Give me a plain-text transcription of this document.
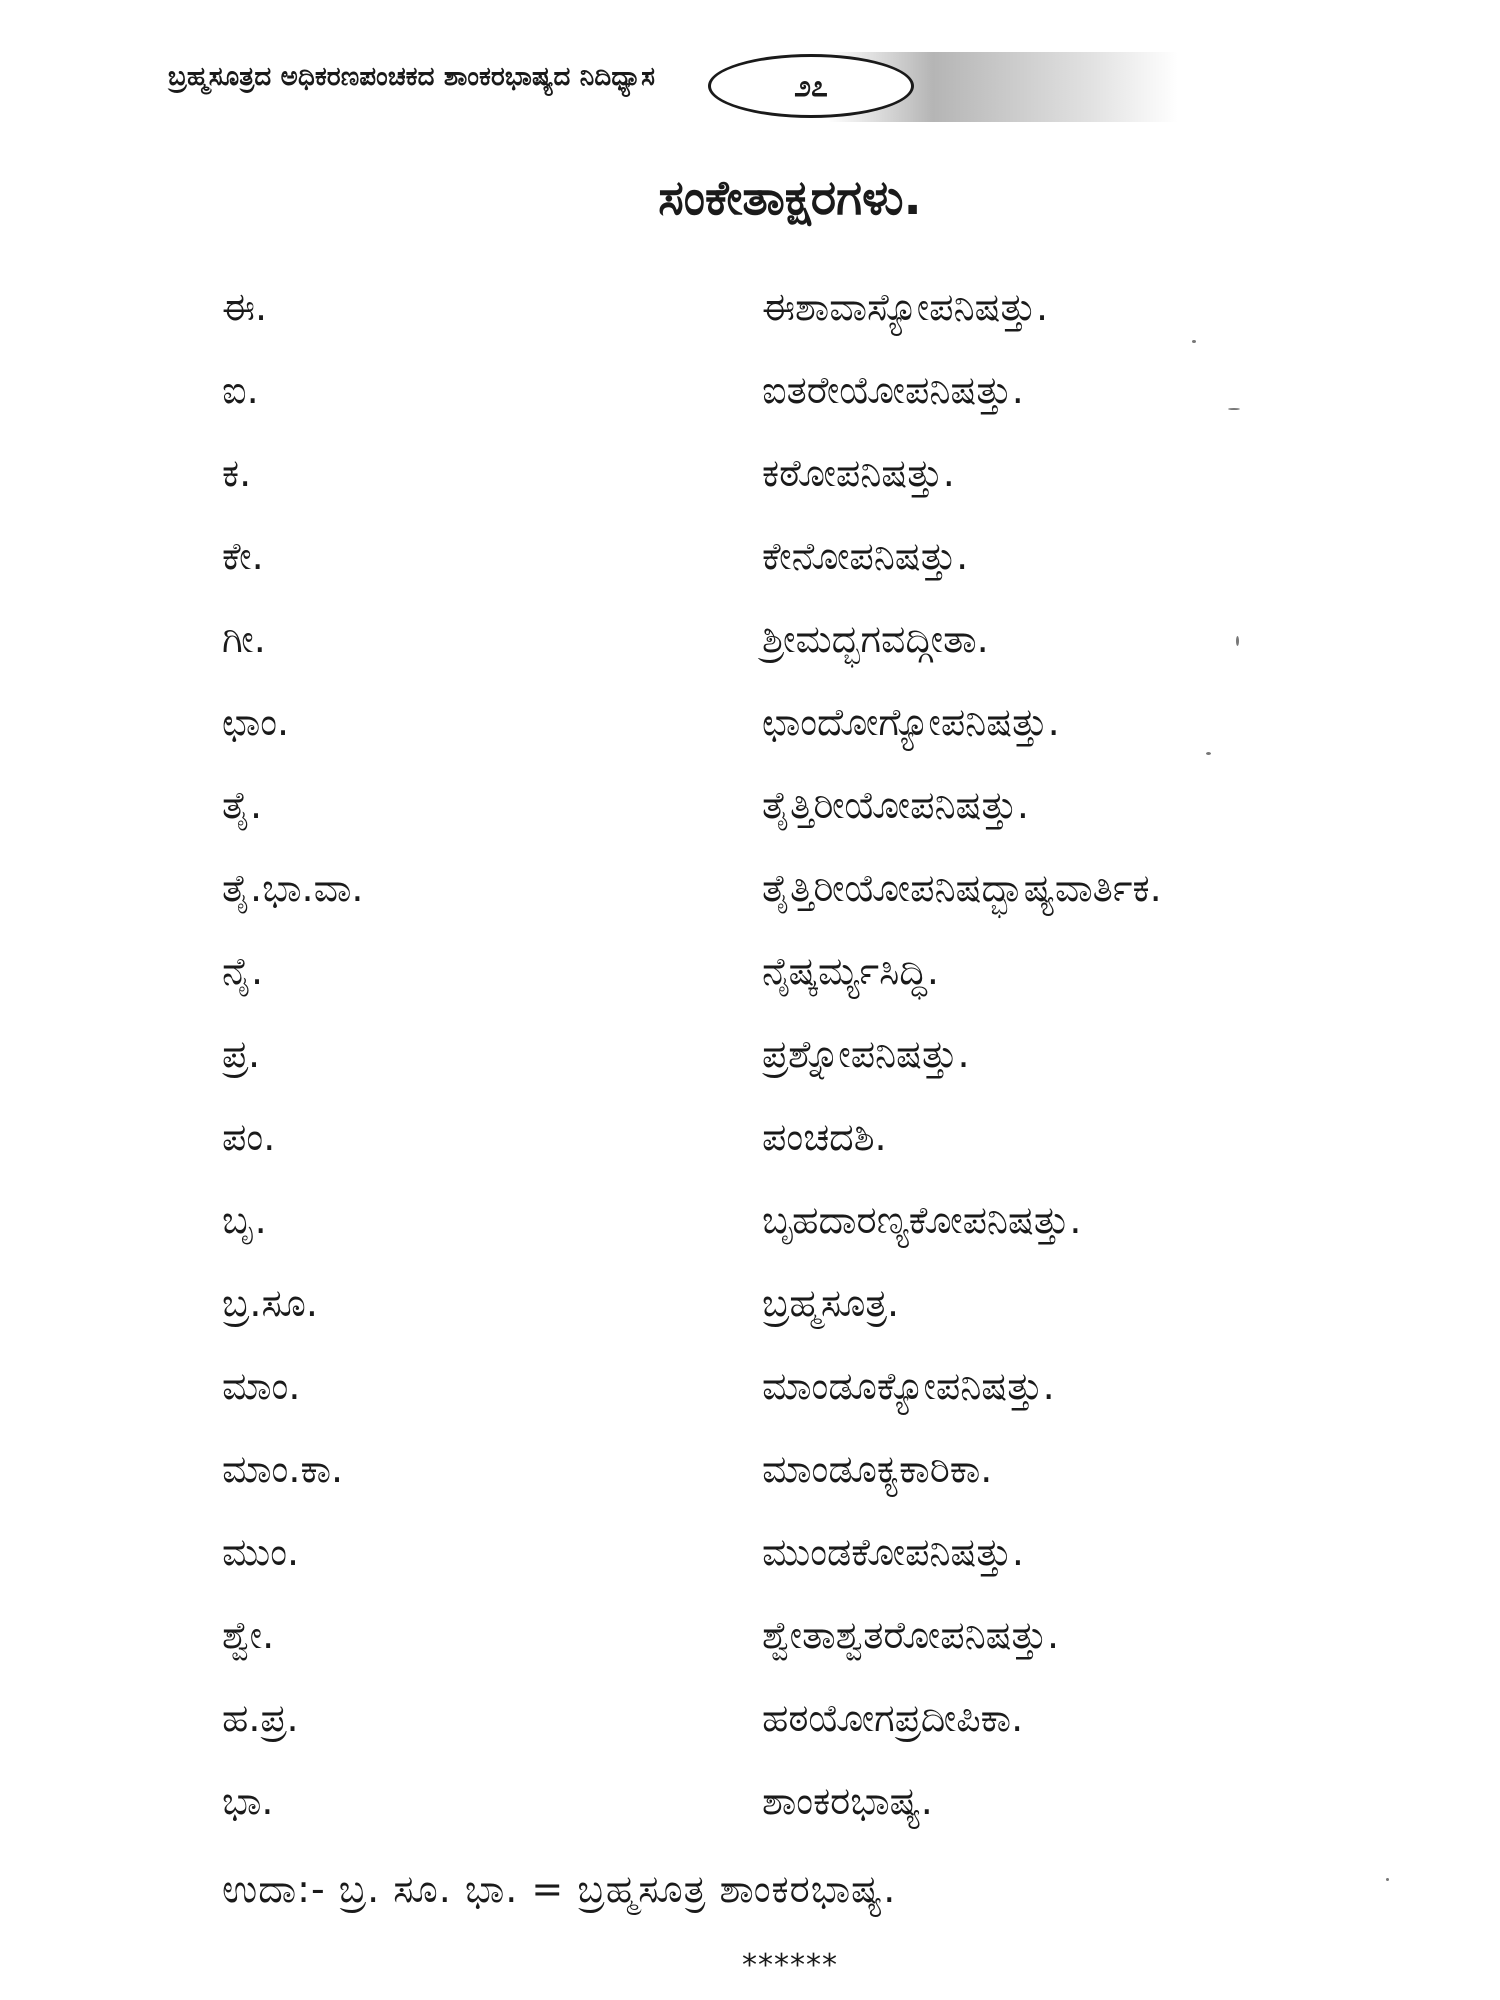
ಬ್ರಹ್ಮಸೂತ್ರದ ಅಧಿಕರಣಪಂಚಕದ ಶಾಂಕರಭಾಷ್ಯದ ನಿದಿಧ್ಯಾಸ	೨೭
ಸಂಕೇತಾಕ್ಷರಗಳು.
ಈ.	ಈಶಾವಾಸ್ಯೋಪನಿಷತ್ತು.
ಐ.	ಐತರೇಯೋಪನಿಷತ್ತು.
ಕ.	ಕಠೋಪನಿಷತ್ತು.
ಕೇ.	ಕೇನೋಪನಿಷತ್ತು.
ಗೀ.	ಶ್ರೀಮದ್ಭಗವದ್ಗೀತಾ.
ಛಾಂ.	ಛಾಂದೋಗ್ಯೋಪನಿಷತ್ತು.
ತೈ.	ತೈತ್ತಿರೀಯೋಪನಿಷತ್ತು.
ತೈ.ಭಾ.ವಾ.	ತೈತ್ತಿರೀಯೋಪನಿಷದ್ಭಾಷ್ಯವಾರ್ತಿಕ.
ನೈ.	ನೈಷ್ಕರ್ಮ್ಯಸಿದ್ಧಿ.
ಪ್ರ.	ಪ್ರಶ್ನೋಪನಿಷತ್ತು.
ಪಂ.	ಪಂಚದಶಿ.
ಬೃ.	ಬೃಹದಾರಣ್ಯಕೋಪನಿಷತ್ತು.
ಬ್ರ.ಸೂ.	ಬ್ರಹ್ಮಸೂತ್ರ.
ಮಾಂ.	ಮಾಂಡೂಕ್ಯೋಪನಿಷತ್ತು.
ಮಾಂ.ಕಾ.	ಮಾಂಡೂಕ್ಯಕಾರಿಕಾ.
ಮುಂ.	ಮುಂಡಕೋಪನಿಷತ್ತು.
ಶ್ವೇ.	ಶ್ವೇತಾಶ್ವತರೋಪನಿಷತ್ತು.
ಹ.ಪ್ರ.	ಹಠಯೋಗಪ್ರದೀಪಿಕಾ.
ಭಾ.	ಶಾಂಕರಭಾಷ್ಯ.
ಉದಾ:- ಬ್ರ. ಸೂ. ಭಾ. = ಬ್ರಹ್ಮಸೂತ್ರ ಶಾಂಕರಭಾಷ್ಯ.
******
